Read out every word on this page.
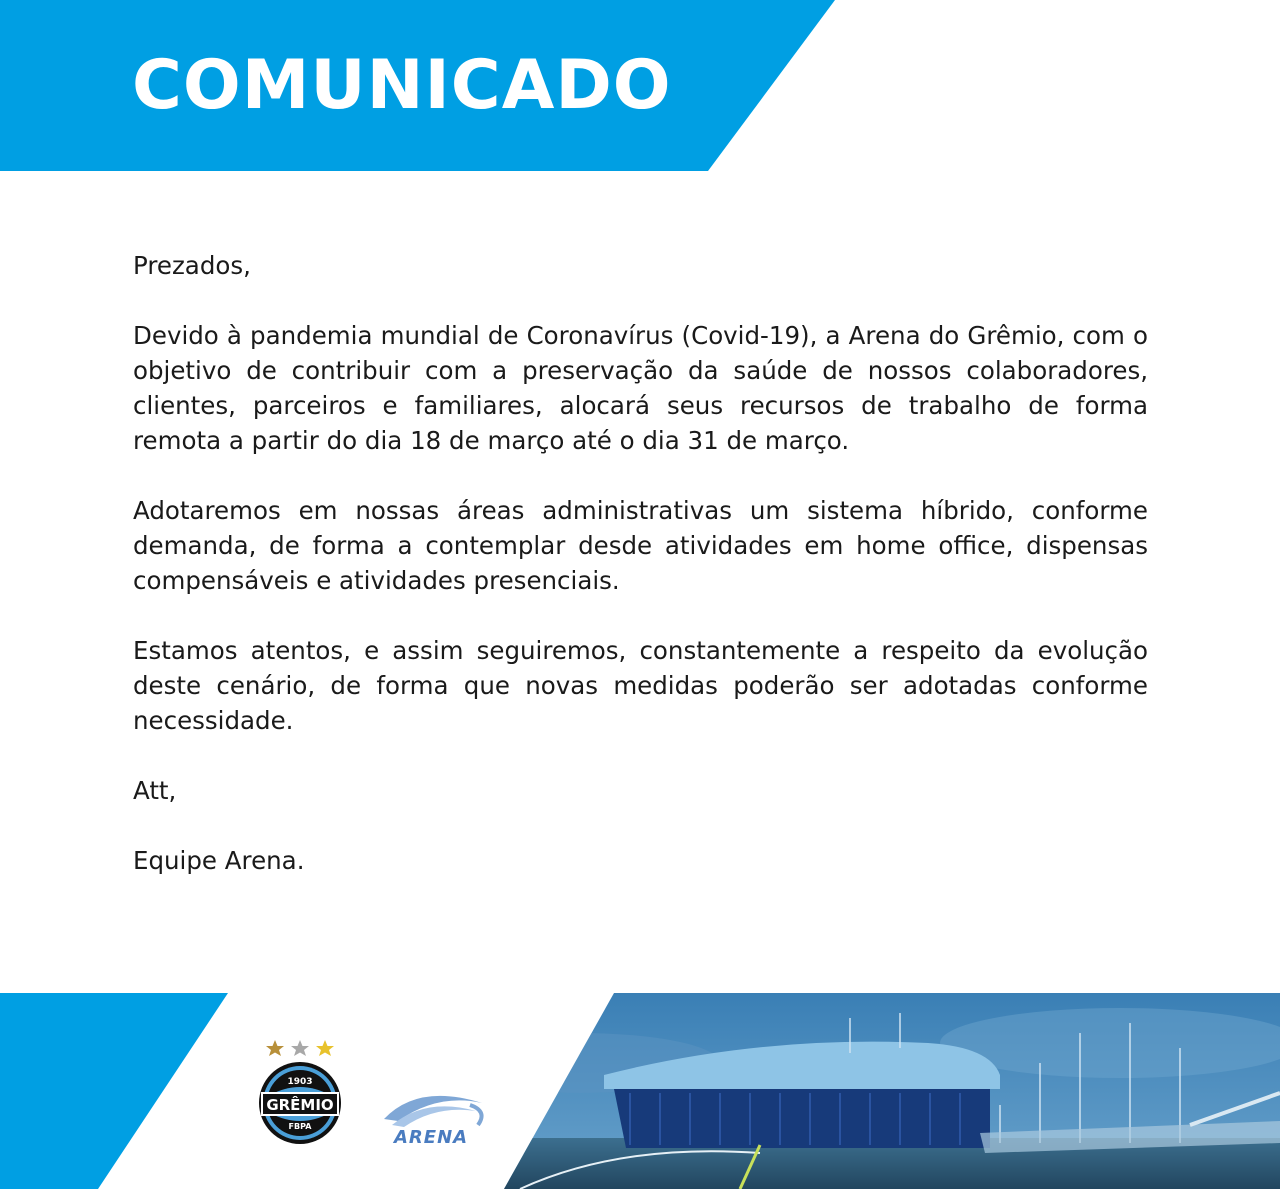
COMUNICADO

Prezados,

Devido à pandemia mundial de Coronavírus (Covid-19), a Arena do Grêmio, com o objetivo de contribuir com a preservação da saúde de nossos colaboradores, clientes, parceiros e familiares, alocará seus recursos de trabalho de forma remota a partir do dia 18 de março até o dia 31 de março.

Adotaremos em nossas áreas administrativas um sistema híbrido, conforme demanda, de forma a contemplar desde atividades em home office, dispensas compensáveis e atividades presenciais.

Estamos atentos, e assim seguiremos, constantemente a respeito da evolução deste cenário, de forma que novas medidas poderão ser adotadas conforme necessidade.

Att,

Equipe Arena.

1903
GRÊMIO
FBPA
ARENA
